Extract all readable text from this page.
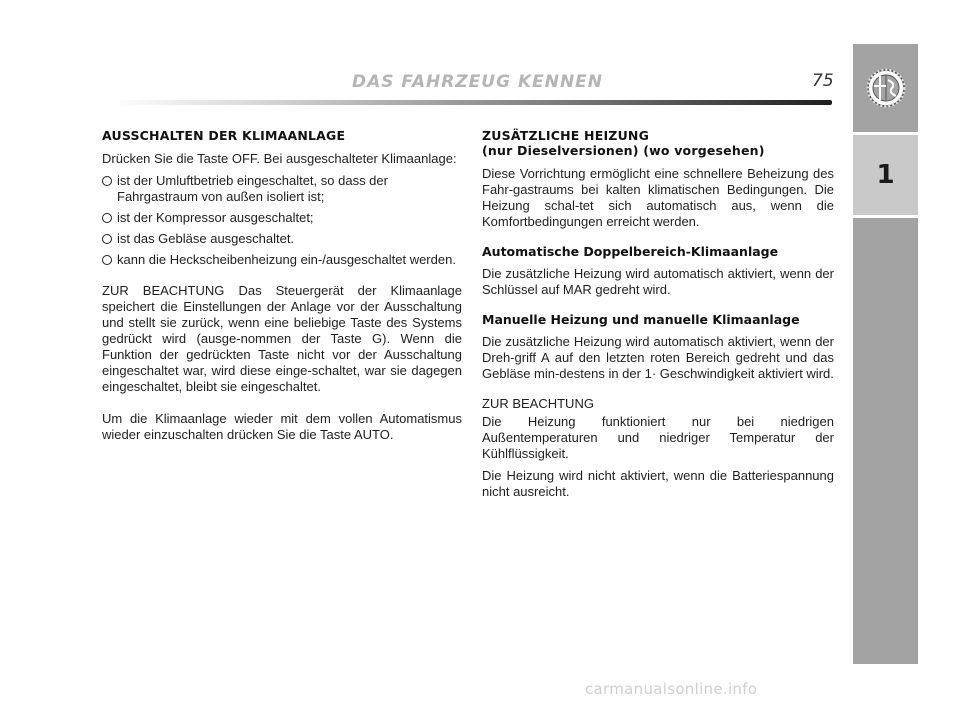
DAS FAHRZEUG KENNEN	75
1
AUSSCHALTEN DER KLIMAANLAGE

Drücken Sie die Taste OFF. Bei ausgeschalteter Klimaanlage:

ist der Umluftbetrieb eingeschaltet, so dass der Fahrgastraum von außen isoliert ist;
ist der Kompressor ausgeschaltet;
ist das Gebläse ausgeschaltet.
kann die Heckscheibenheizung ein-/ausgeschaltet werden.

ZUR BEACHTUNG Das Steuergerät der Klimaanlage speichert die Einstellungen der Anlage vor der Ausschaltung und stellt sie zurück, wenn eine beliebige Taste des Systems gedrückt wird (ausge-nommen der Taste G). Wenn die Funktion der gedrückten Taste nicht vor der Ausschaltung eingeschaltet war, wird diese einge-schaltet, war sie dagegen eingeschaltet, bleibt sie eingeschaltet.

Um die Klimaanlage wieder mit dem vollen Automatismus wieder einzuschalten drücken Sie die Taste AUTO.

ZUSÄTZLICHE HEIZUNG
(nur Dieselversionen) (wo vorgesehen)

Diese Vorrichtung ermöglicht eine schnellere Beheizung des Fahr-gastraums bei kalten klimatischen Bedingungen. Die Heizung schal-tet sich automatisch aus, wenn die Komfortbedingungen erreicht werden.

Automatische Doppelbereich-Klimaanlage

Die zusätzliche Heizung wird automatisch aktiviert, wenn der Schlüssel auf MAR gedreht wird.

Manuelle Heizung und manuelle Klimaanlage

Die zusätzliche Heizung wird automatisch aktiviert, wenn der Dreh-griff A auf den letzten roten Bereich gedreht und das Gebläse min-destens in der 1· Geschwindigkeit aktiviert wird.

ZUR BEACHTUNG

Die Heizung funktioniert nur bei niedrigen Außentemperaturen und niedriger Temperatur der Kühlflüssigkeit.

Die Heizung wird nicht aktiviert, wenn die Batteriespannung nicht ausreicht.

carmanualsonline.info
